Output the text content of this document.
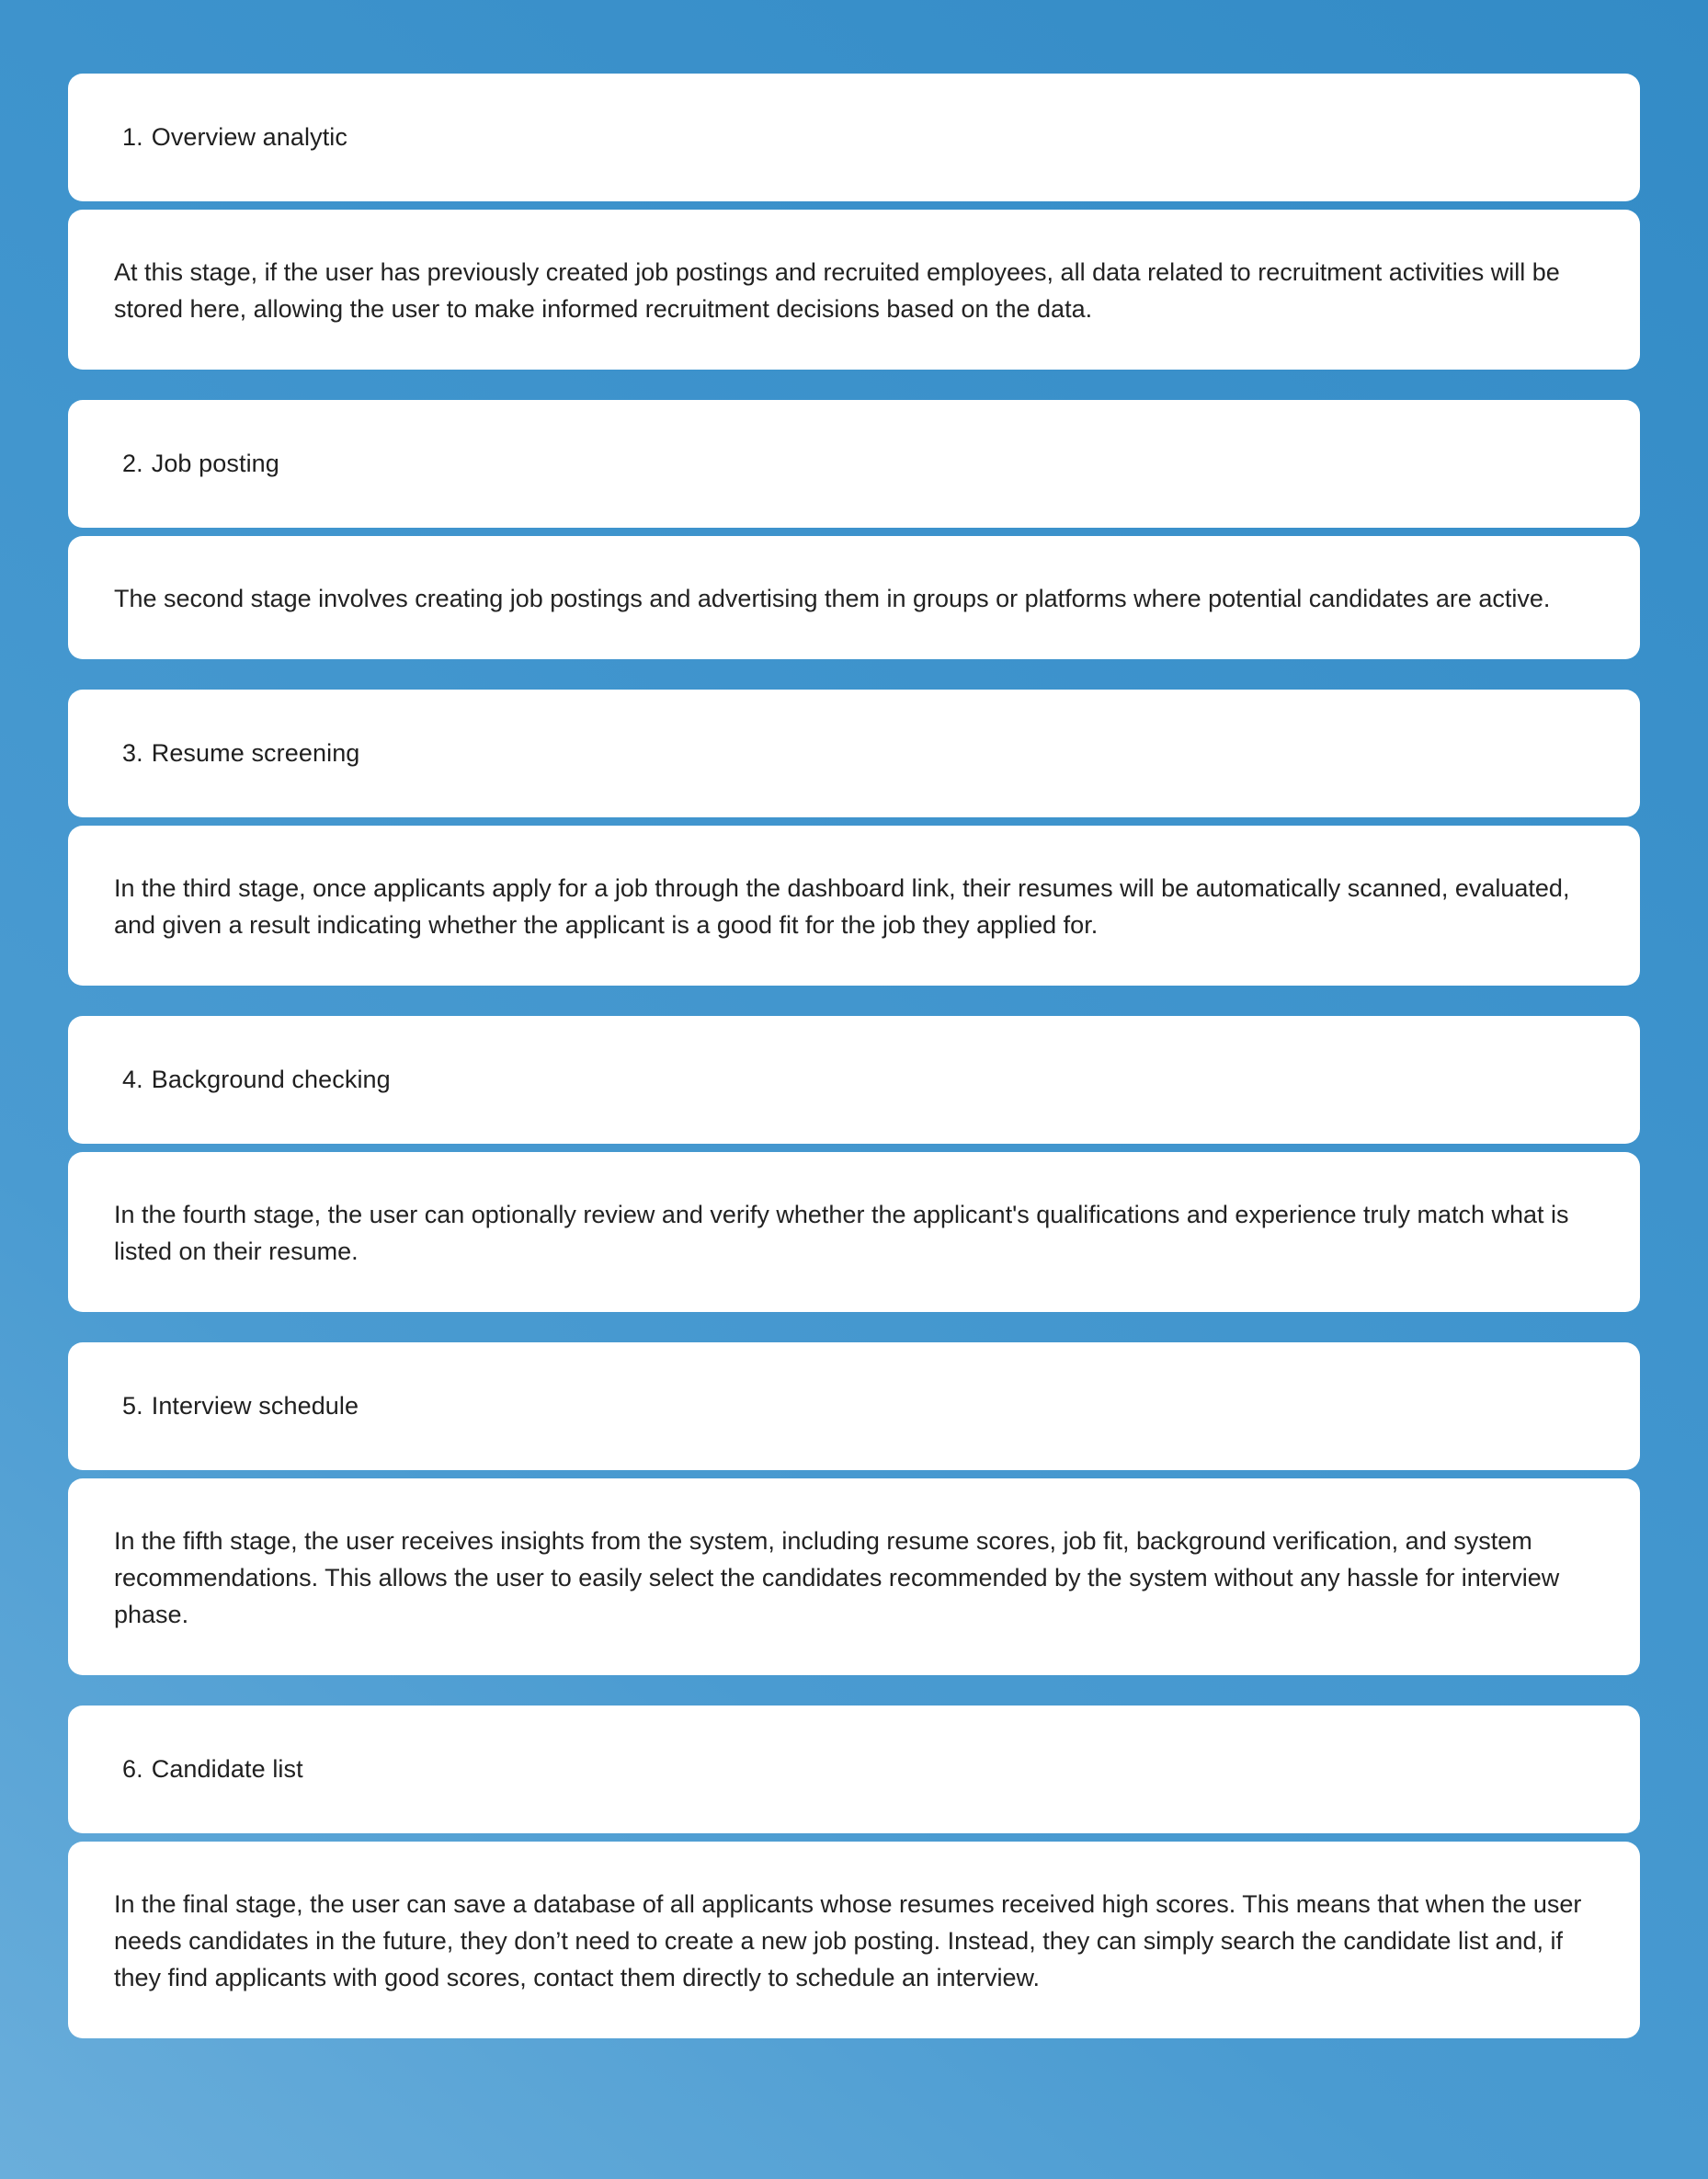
1. Overview analytic

At this stage, if the user has previously created job postings and recruited employees, all data related to recruitment activities will be stored here, allowing the user to make informed recruitment decisions based on the data.

2. Job posting

The second stage involves creating job postings and advertising them in groups or platforms where potential candidates are active.

3. Resume screening

In the third stage, once applicants apply for a job through the dashboard link, their resumes will be automatically scanned, evaluated, and given a result indicating whether the applicant is a good fit for the job they applied for.

4. Background checking

In the fourth stage, the user can optionally review and verify whether the applicant's qualifications and experience truly match what is listed on their resume.

5. Interview schedule

In the fifth stage, the user receives insights from the system, including resume scores, job fit, background verification, and system recommendations. This allows the user to easily select the candidates recommended by the system without any hassle for interview phase.

6. Candidate list

In the final stage, the user can save a database of all applicants whose resumes received high scores. This means that when the user needs candidates in the future, they don’t need to create a new job posting. Instead, they can simply search the candidate list and, if they find applicants with good scores, contact them directly to schedule an interview.
